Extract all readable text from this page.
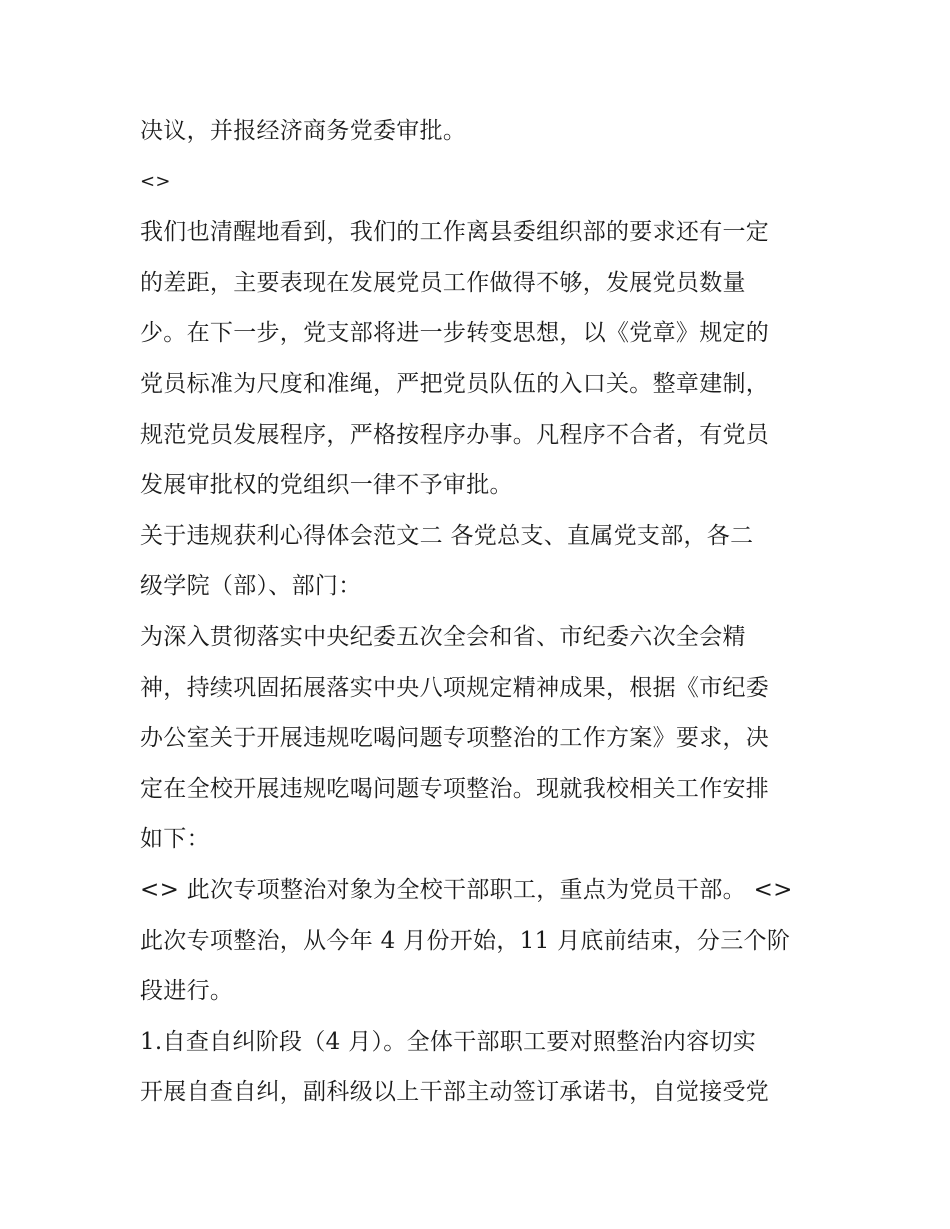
决议，并报经济商务党委审批。
<>
我们也清醒地看到，我们的工作离县委组织部的要求还有一定
的差距，主要表现在发展党员工作做得不够，发展党员数量
少。在下一步，党支部将进一步转变思想，以《党章》规定的
党员标准为尺度和准绳，严把党员队伍的入口关。整章建制，
规范党员发展程序，严格按程序办事。凡程序不合者，有党员
发展审批权的党组织一律不予审批。
关于违规获利心得体会范文二 各党总支、直属党支部，各二
级学院（部）、部门：
为深入贯彻落实中央纪委五次全会和省、市纪委六次全会精
神，持续巩固拓展落实中央八项规定精神成果，根据《市纪委
办公室关于开展违规吃喝问题专项整治的工作方案》要求，决
定在全校开展违规吃喝问题专项整治。现就我校相关工作安排
如下：
<> 此次专项整治对象为全校干部职工，重点为党员干部。 <>
此次专项整治，从今年 4 月份开始，11 月底前结束，分三个阶
段进行。
1.自查自纠阶段（4 月）。全体干部职工要对照整治内容切实
开展自查自纠，副科级以上干部主动签订承诺书，自觉接受党
